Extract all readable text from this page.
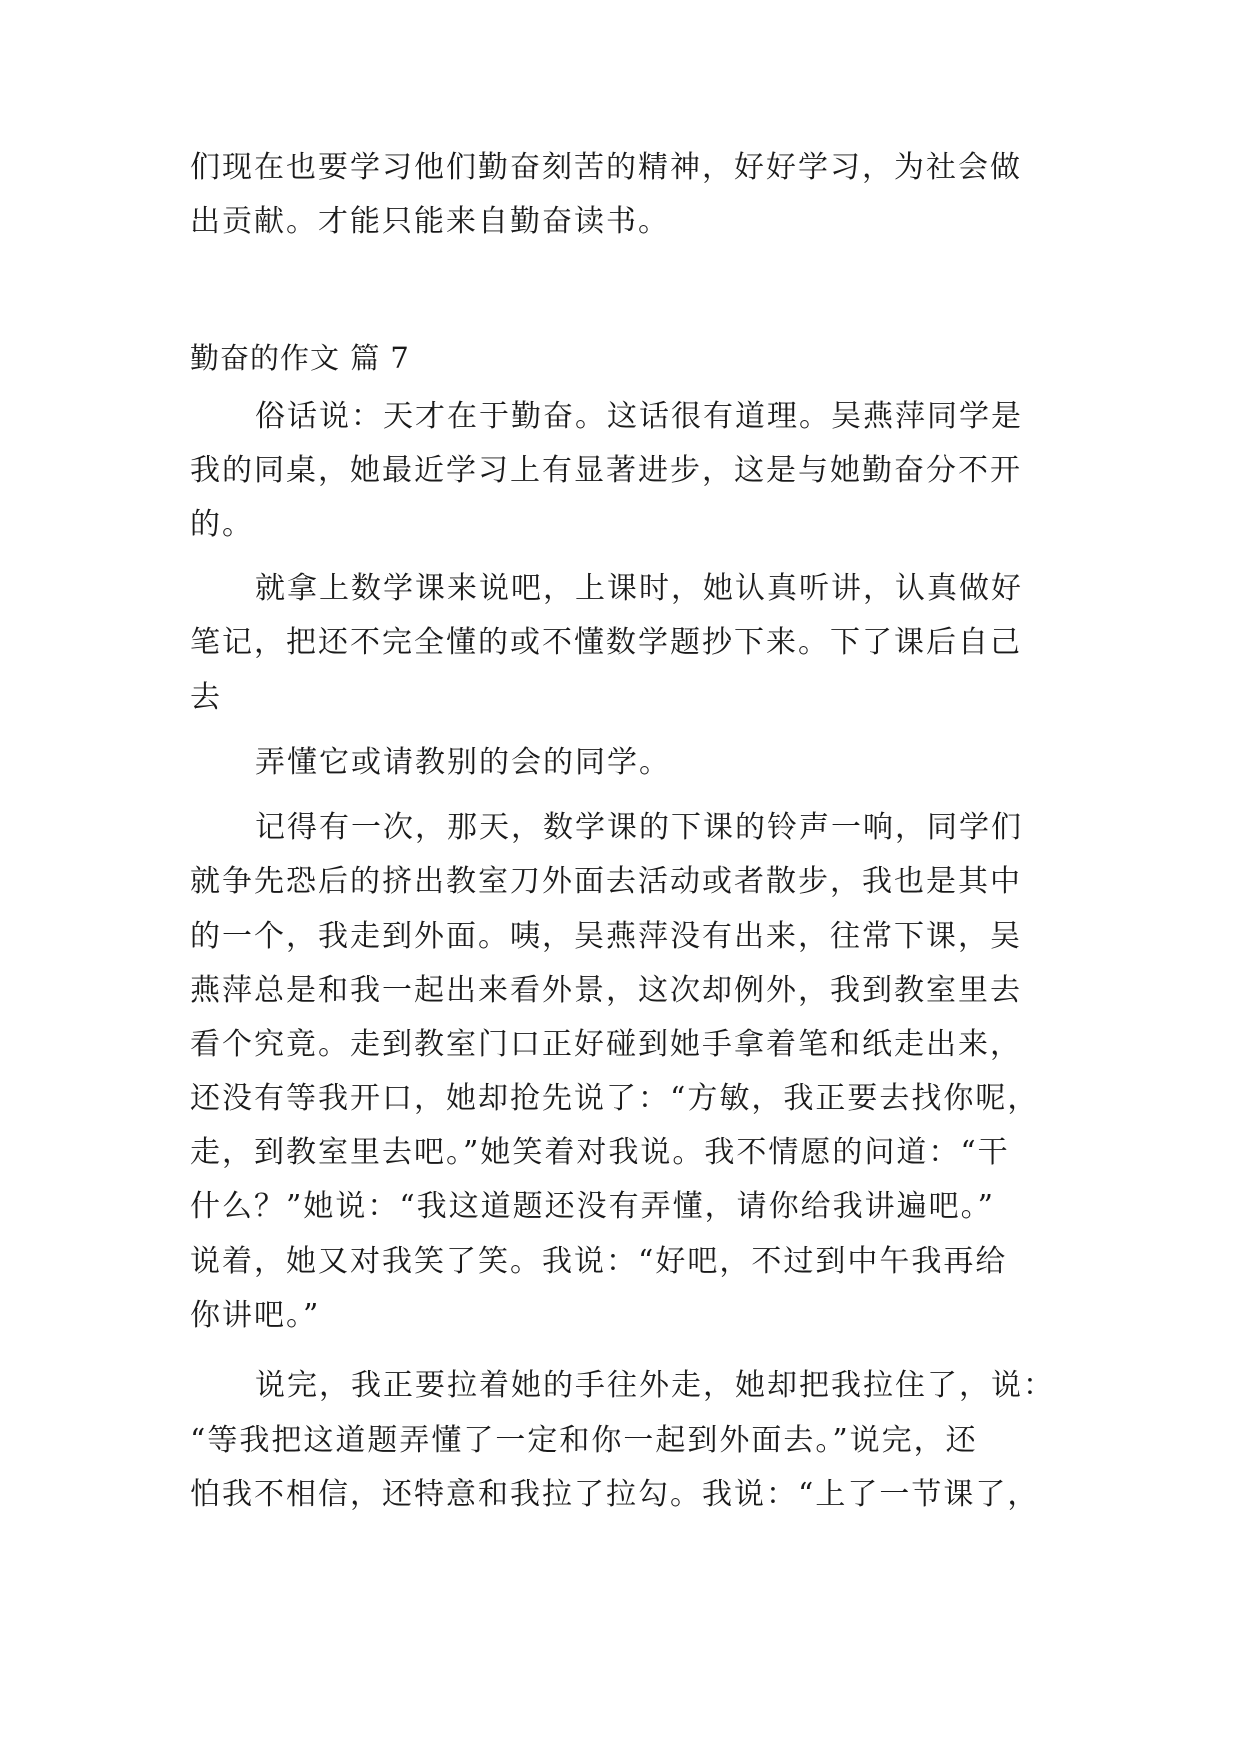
们现在也要学习他们勤奋刻苦的精神，好好学习，为社会做
出贡献。才能只能来自勤奋读书。
勤奋的作文 篇 7
俗话说：天才在于勤奋。这话很有道理。吴燕萍同学是
我的同桌，她最近学习上有显著进步，这是与她勤奋分不开
的。
就拿上数学课来说吧，上课时，她认真听讲，认真做好
笔记，把还不完全懂的或不懂数学题抄下来。下了课后自己
去
弄懂它或请教别的会的同学。
记得有一次，那天，数学课的下课的铃声一响，同学们
就争先恐后的挤出教室刀外面去活动或者散步，我也是其中
的一个，我走到外面。咦，吴燕萍没有出来，往常下课，吴
燕萍总是和我一起出来看外景，这次却例外，我到教室里去
看个究竟。走到教室门口正好碰到她手拿着笔和纸走出来，
还没有等我开口，她却抢先说了：“方敏，我正要去找你呢，
走，到教室里去吧。”她笑着对我说。我不情愿的问道：“干
什么？”她说：“我这道题还没有弄懂，请你给我讲遍吧。”
说着，她又对我笑了笑。我说：“好吧，不过到中午我再给
你讲吧。”
说完，我正要拉着她的手往外走，她却把我拉住了，说：
“等我把这道题弄懂了一定和你一起到外面去。”说完，还
怕我不相信，还特意和我拉了拉勾。我说：“上了一节课了，
